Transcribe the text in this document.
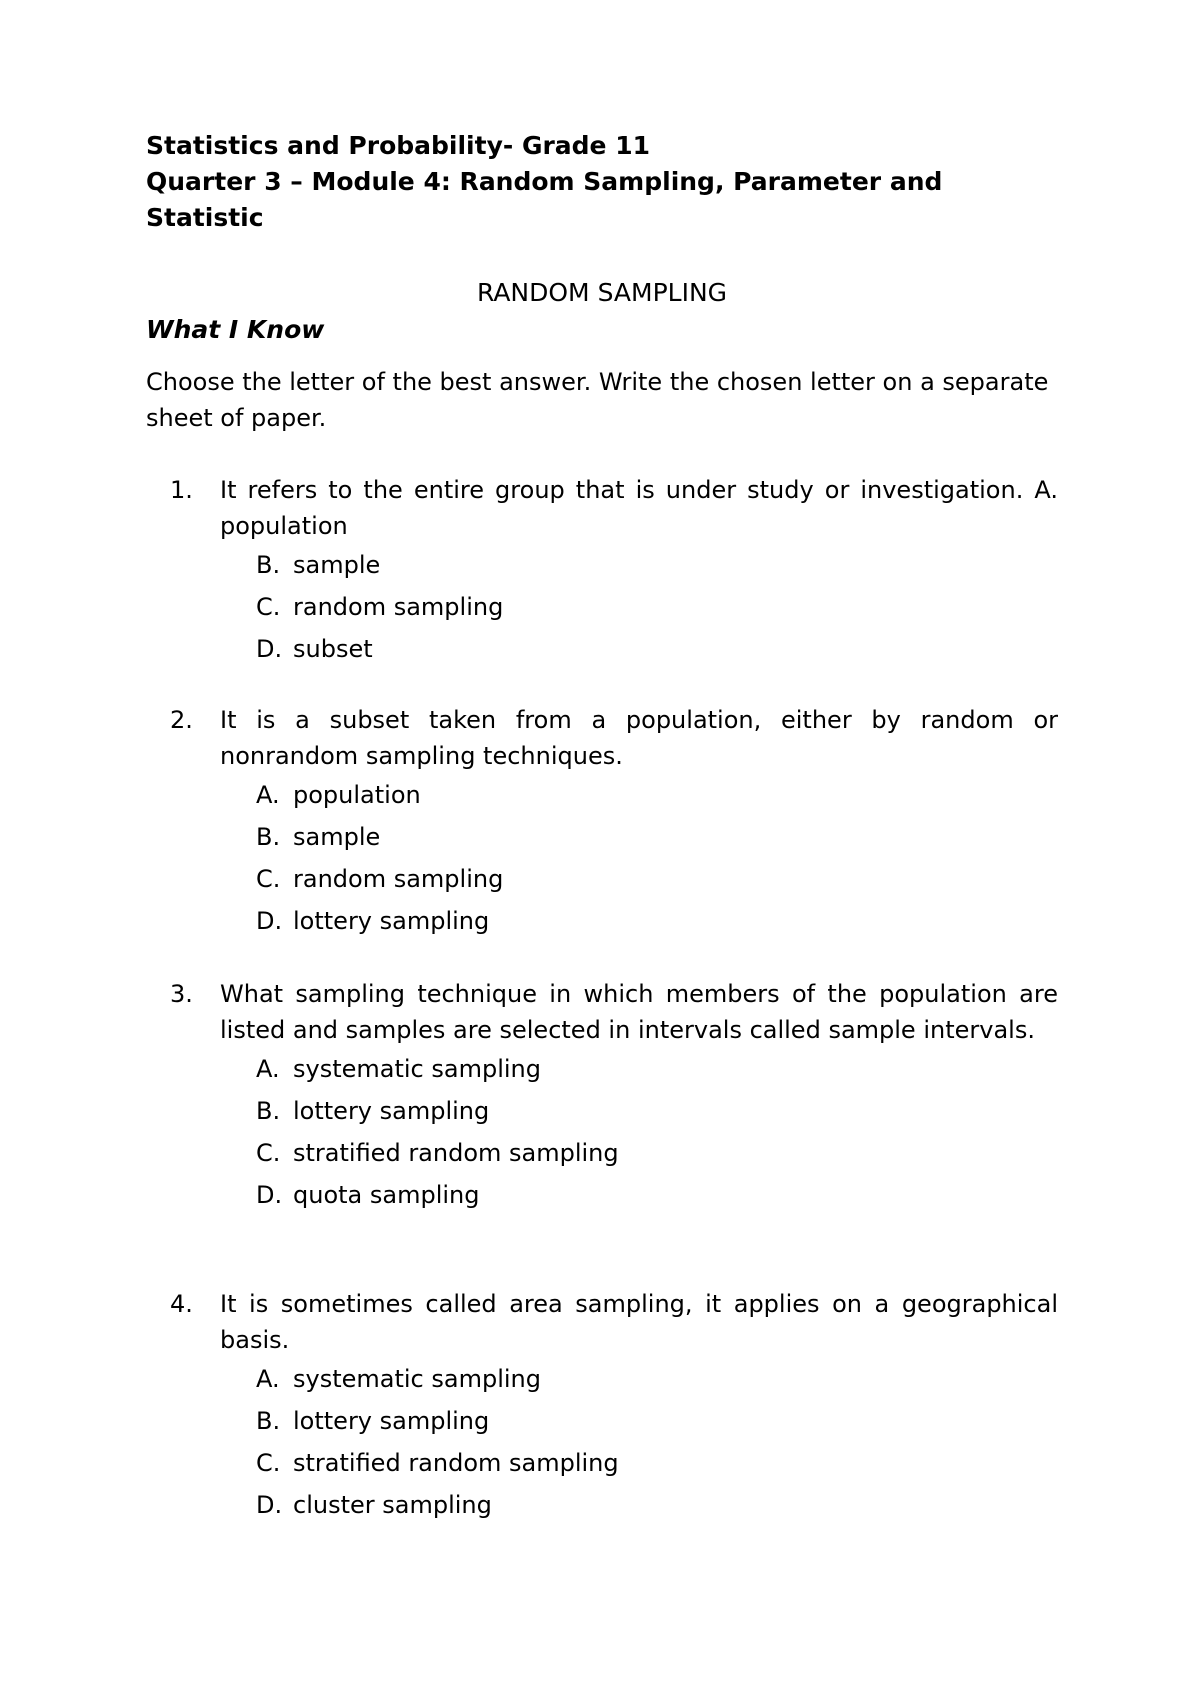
Statistics and Probability- Grade 11
Quarter 3 – Module 4: Random Sampling, Parameter and
Statistic
RANDOM SAMPLING
What I Know

Choose the letter of the best answer. Write the chosen letter on a separate sheet of paper.

1.	It refers to the entire group that is under study or investigation. A. population
B. sample
C. random sampling
D. subset
2.	It is a subset taken from a population, either by random or nonrandom sampling techniques.
A. population
B. sample
C. random sampling
D. lottery sampling
3.	What sampling technique in which members of the population are listed and samples are selected in intervals called sample intervals.
A. systematic sampling
B. lottery sampling
C. stratified random sampling
D. quota sampling
4.	It is sometimes called area sampling, it applies on a geographical basis.
A. systematic sampling
B. lottery sampling
C. stratified random sampling
D. cluster sampling
